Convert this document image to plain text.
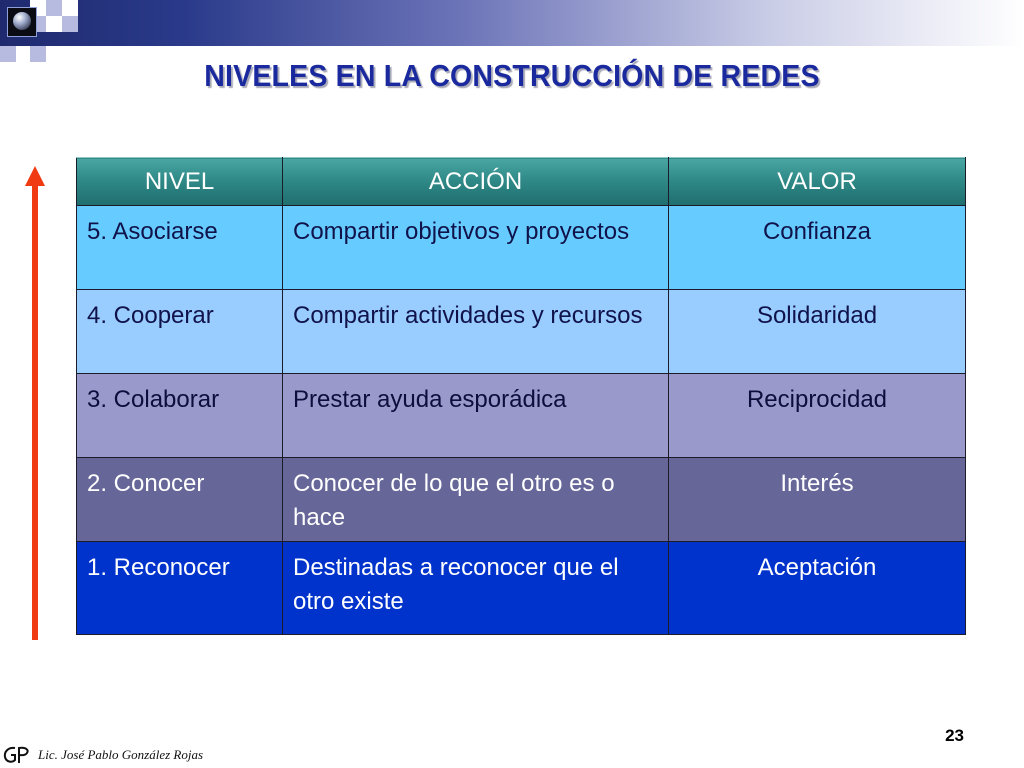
NIVELES EN LA CONSTRUCCIÓN DE REDES
NIVEL	ACCIÓN	VALOR
5. Asociarse	Compartir objetivos y proyectos	Confianza
4. Cooperar	Compartir actividades y recursos	Solidaridad
3. Colaborar	Prestar ayuda esporádica	Reciprocidad
2. Conocer	Conocer de lo que el otro es o hace	Interés
1. Reconocer	Destinadas a reconocer que el otro existe	Aceptación
23
Lic. José Pablo González Rojas
